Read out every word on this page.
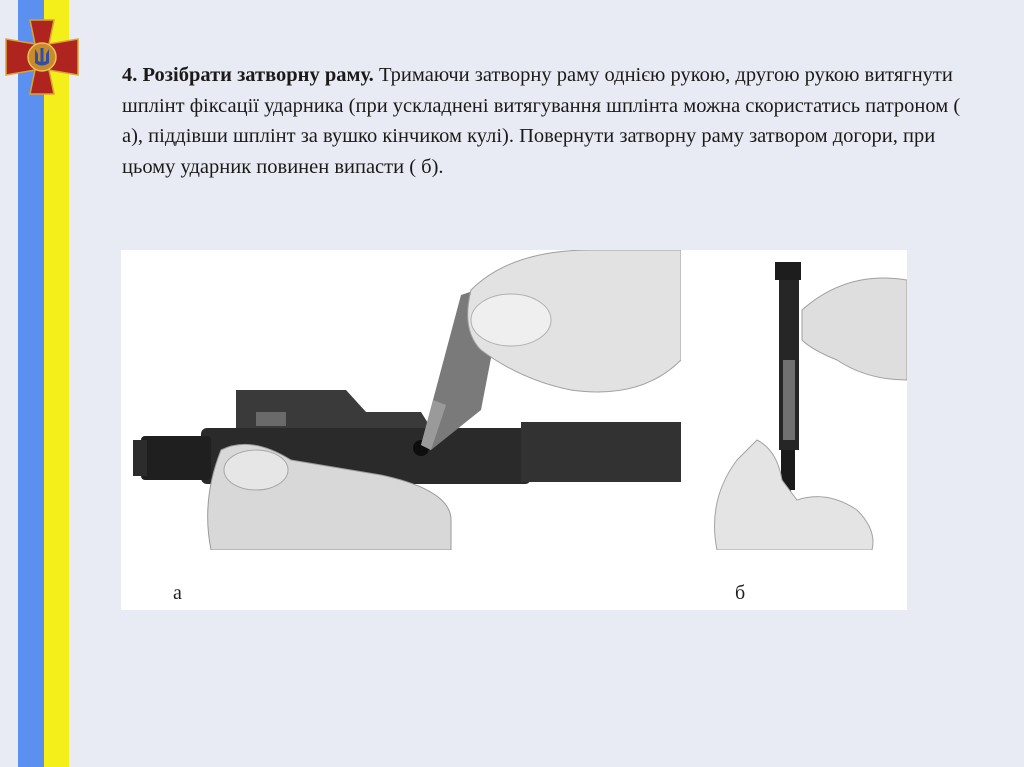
4. Розібрати затворну раму. Тримаючи затворну раму однією рукою, другою рукою витягнути шплінт фіксації ударника (при ускладнені витягування шплінта можна скористатись патроном ( а), піддівши шплінт за вушко кінчиком кулі). Повернути затворну раму затвором догори, при цьому ударник повинен випасти ( б).
а	б
